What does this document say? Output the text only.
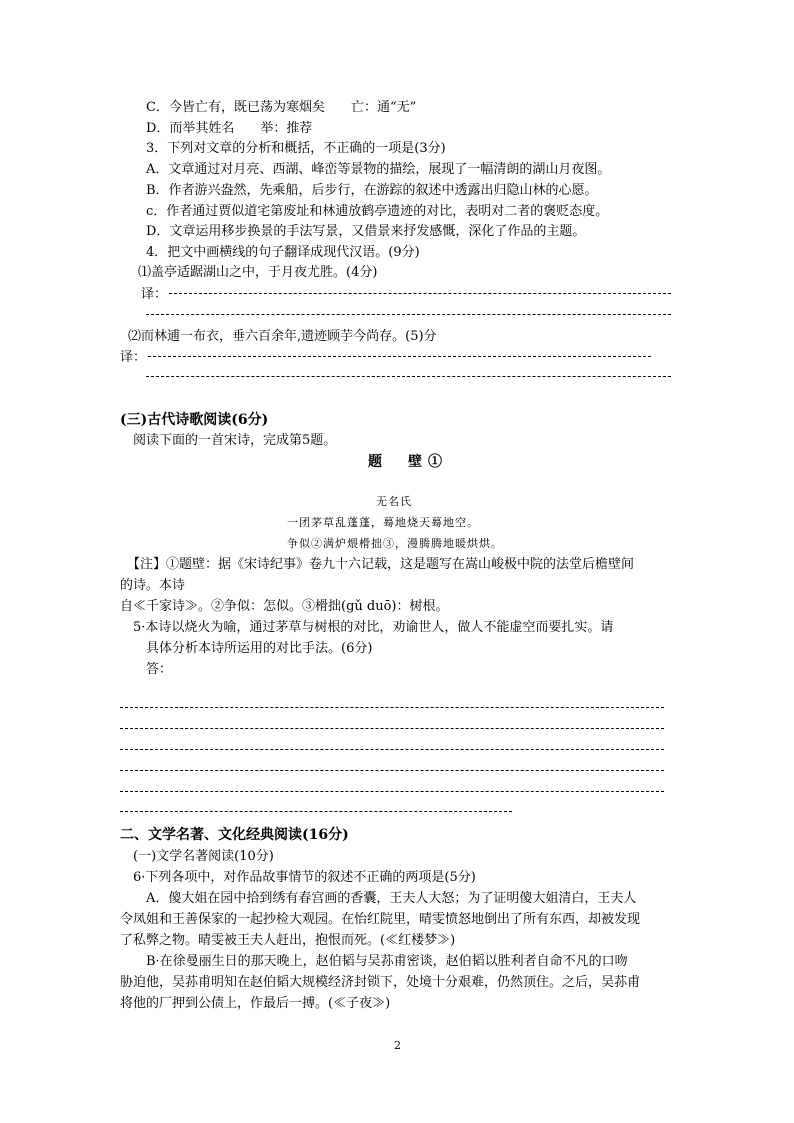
C．今皆亡有，既已荡为寒烟矣　　亡：通“无”
D．而举其姓名　　举：推荐
3．下列对文章的分析和概括，不正确的一项是(3分)
A．文章通过对月亮、西湖、峰峦等景物的描绘，展现了一幅清朗的湖山月夜图。
B．作者游兴盎然，先乘船，后步行，在游踪的叙述中透露出归隐山林的心愿。
c．作者通过贾似道宅第废址和林逋放鹤亭遗迹的对比，表明对二者的褒贬态度。
D．文章运用移步换景的手法写景，又借景来抒发感慨，深化了作品的主题。
4．把文中画横线的句子翻译成现代汉语。(9分)
⑴盖亭适踞湖山之中，于月夜尤胜。(4分)
译：
⑵而林逋一布衣，垂六百余年,遗迹顾芋今尚存。(5)分
译：
(三)古代诗歌阅读(6分)
阅读下面的一首宋诗，完成第5题。
题　壁①
无名氏
一团茅草乱蓬蓬，蓦地烧天蓦地空。
争似②满炉煨榾拙③，漫腾腾地暖烘烘。
【注】①题壁：据《宋诗纪事》卷九十六记载，这是题写在嵩山峻极中院的法堂后檐壁间
的诗。本诗
自≪千家诗≫。②争似：怎似。③榾拙(gǔ duō)：树根。
5·本诗以烧火为喻，通过茅草与树根的对比，劝谕世人，做人不能虚空而要扎实。请
具体分析本诗所运用的对比手法。(6分)
答：
二、文学名著、文化经典阅读(16分)
(一)文学名著阅读(10分)
6·下列各项中，对作品故事情节的叙述不正确的两项是(5分)
A．傻大姐在园中拾到绣有春宫画的香囊，王夫人大怒；为了证明傻大姐清白，王夫人
令凤姐和王善保家的一起抄检大观园。在怡红院里，晴雯愤怒地倒出了所有东西，却被发现
了私弊之物。晴雯被王夫人赶出，抱恨而死。(≪红楼梦≫)
B·在徐曼丽生日的那天晚上，赵伯韬与吴荪甫密谈，赵伯韬以胜利者自命不凡的口吻
胁迫他，吴荪甫明知在赵伯韬大规模经济封锁下，处境十分艰难，仍然顶住。之后，吴荪甫
将他的厂押到公债上，作最后一搏。(≪子夜≫)
2
